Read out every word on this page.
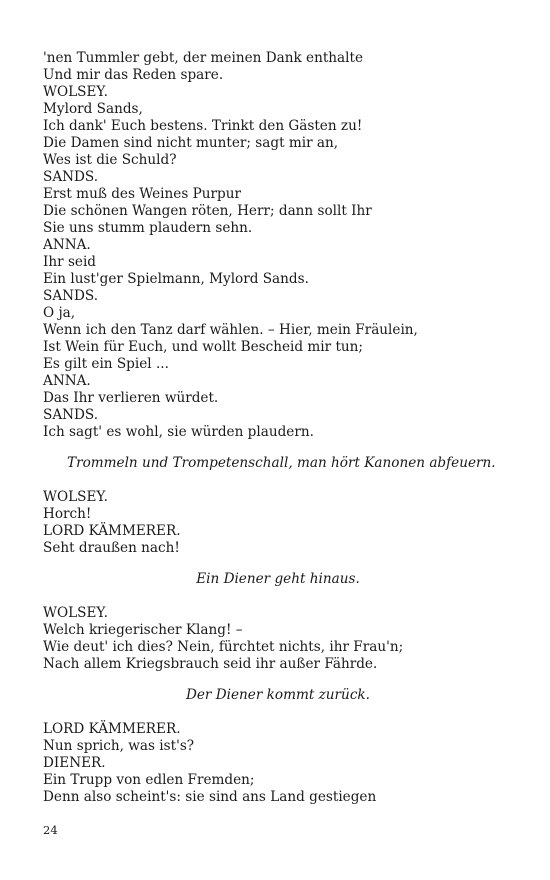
'nen Tummler gebt, der meinen Dank enthalte
Und mir das Reden spare.
WOLSEY.
Mylord Sands,
Ich dank' Euch bestens. Trinkt den Gästen zu!
Die Damen sind nicht munter; sagt mir an,
Wes ist die Schuld?
SANDS.
Erst muß des Weines Purpur
Die schönen Wangen röten, Herr; dann sollt Ihr
Sie uns stumm plaudern sehn.
ANNA.
Ihr seid
Ein lust'ger Spielmann, Mylord Sands.
SANDS.
O ja,
Wenn ich den Tanz darf wählen. – Hier, mein Fräulein,
Ist Wein für Euch, und wollt Bescheid mir tun;
Es gilt ein Spiel ...
ANNA.
Das Ihr verlieren würdet.
SANDS.
Ich sagt' es wohl, sie würden plaudern.
Trommeln und Trompetenschall, man hört Kanonen abfeuern.
WOLSEY.
Horch!
LORD KÄMMERER.
Seht draußen nach!
Ein Diener geht hinaus.
WOLSEY.
Welch kriegerischer Klang! –
Wie deut' ich dies? Nein, fürchtet nichts, ihr Frau'n;
Nach allem Kriegsbrauch seid ihr außer Fährde.
Der Diener kommt zurück.
LORD KÄMMERER.
Nun sprich, was ist's?
DIENER.
Ein Trupp von edlen Fremden;
Denn also scheint's: sie sind ans Land gestiegen
24
